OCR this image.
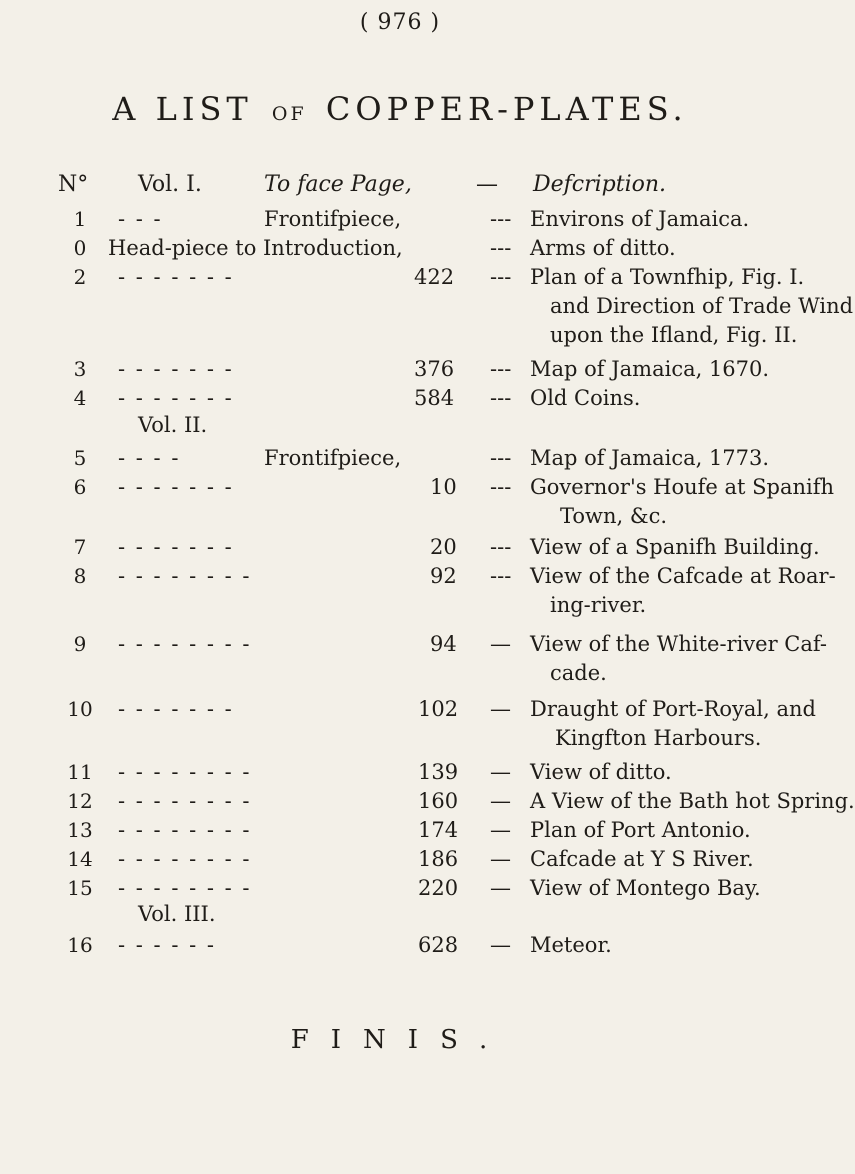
( 976 )
A LIST OF COPPER-PLATES.
N° Vol. I.	To face Page,	— Defcription.
1	- - -	Frontifpiece,	--- Environs of Jamaica.
0	Head-piece to Introduction,	--- Arms of ditto.
2	- - - - - - -	422 --- Plan of a Townfhip, Fig. I.
and Direction of Trade Wind
upon the Ifland, Fig. II.
3	- - - - - - -	376 --- Map of Jamaica, 1670.
4	- - - - - - -	584 --- Old Coins.
Vol. II.
5	- - - -	Frontifpiece,	--- Map of Jamaica, 1773.
6	- - - - - - -	10 --- Governor's Houfe at Spanifh
Town, &c.
7	- - - - - - -	20 --- View of a Spanifh Building.
8	- - - - - - - -	92 --- View of the Cafcade at Roar-
ing-river.
9	- - - - - - - -	94 — View of the White-river Caf-
cade.
10	- - - - - - -	102 — Draught of Port-Royal, and
Kingfton Harbours.
11	- - - - - - - -	139 — View of ditto.
12	- - - - - - - -	160 — A View of the Bath hot Spring.
13	- - - - - - - -	174 — Plan of Port Antonio.
14	- - - - - - - -	186 — Cafcade at Y S River.
15	- - - - - - - -	220 — View of Montego Bay.
Vol. III.
16	- - - - - -	628 — Meteor.
FINIS.
